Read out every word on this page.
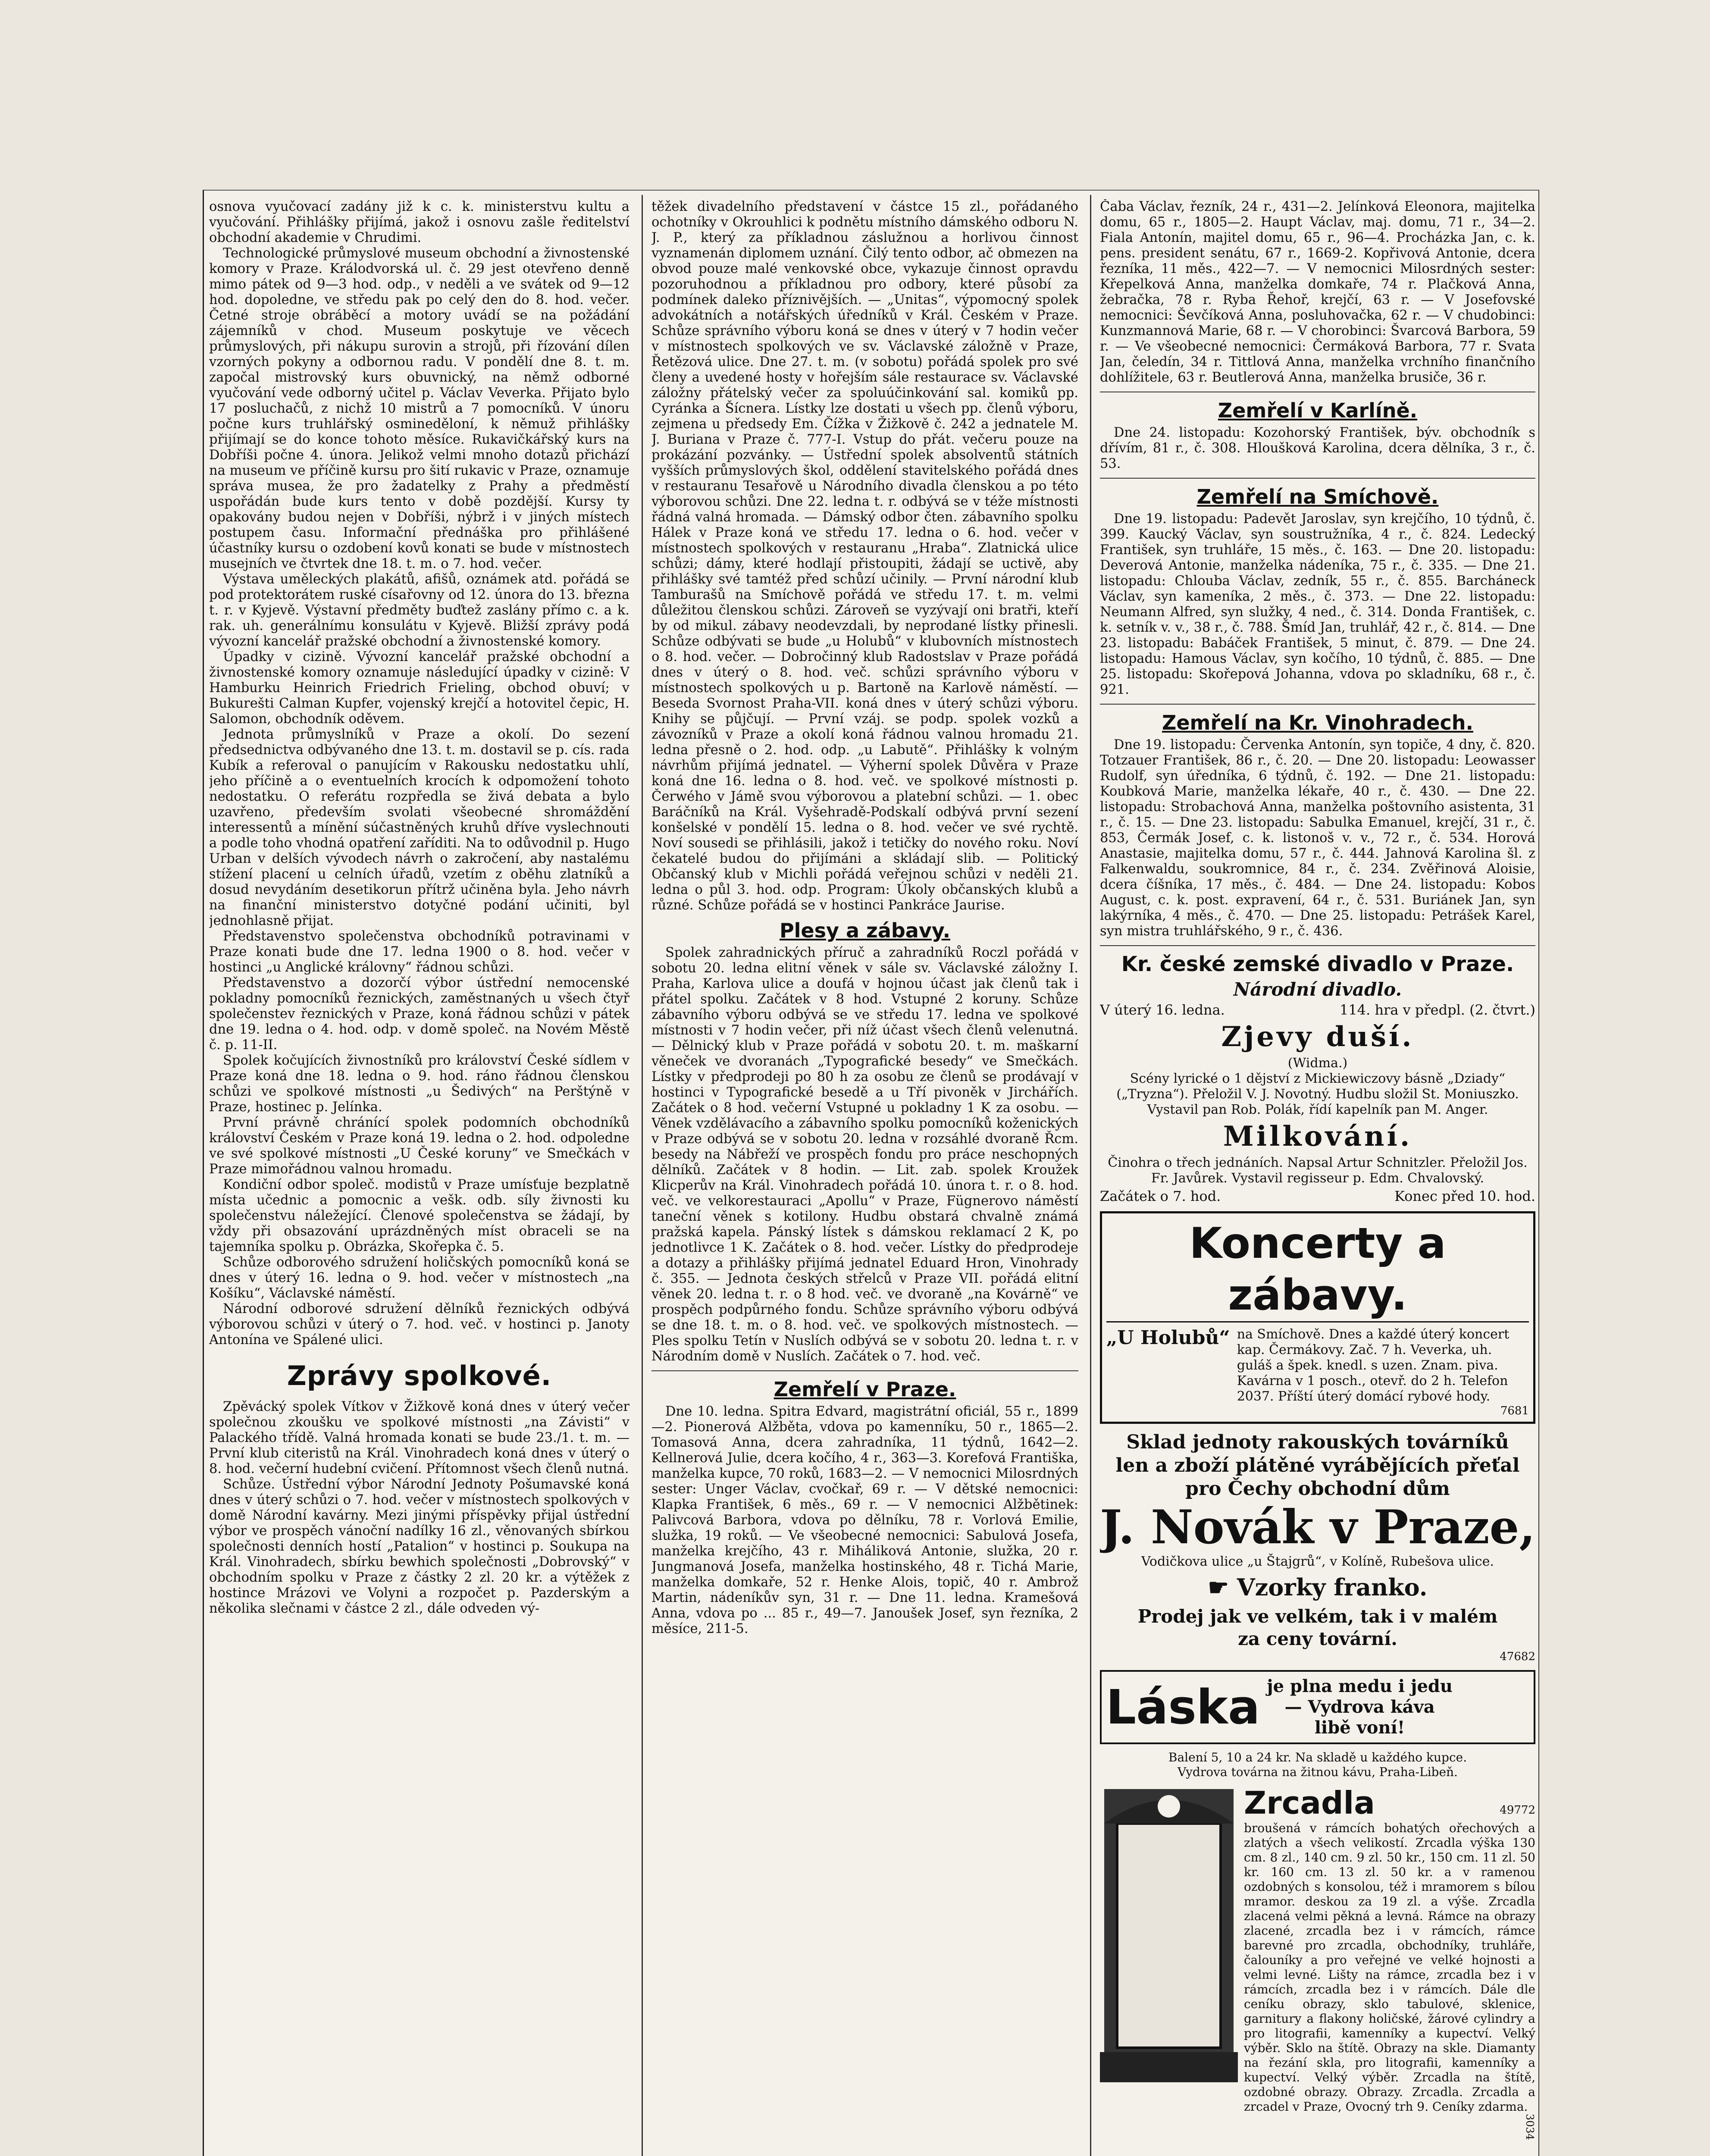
osnova vyučovací zadány již k c. k. ministerstvu kultu a vyučování. Přihlášky přijímá, jakož i osnovu zašle ředitelství obchodní akademie v Chrudimi.

Technologické průmyslové museum obchodní a živnostenské komory v Praze. Králodvorská ul. č. 29 jest otevřeno denně mimo pátek od 9—3 hod. odp., v neděli a ve svátek od 9—12 hod. dopoledne, ve středu pak po celý den do 8. hod. večer. Četné stroje obráběcí a motory uvádí se na požádání zájemníků v chod. Museum poskytuje ve věcech průmyslových, při nákupu surovin a strojů, při řízování dílen vzorných pokyny a odbornou radu. V pondělí dne 8. t. m. započal mistrovský kurs obuvnický, na němž odborné vyučování vede odborný učitel p. Václav Veverka. Přijato bylo 17 posluchačů, z nichž 10 mistrů a 7 pomocníků. V únoru počne kurs truhlářský osmineděloní, k němuž přihlášky přijímají se do konce tohoto měsíce. Rukavičkářský kurs na Dobříši počne 4. února. Jelikož velmi mnoho dotazů přichází na museum ve příčině kursu pro šití rukavic v Praze, oznamuje správa musea, že pro žadatelky z Prahy a předměstí uspořádán bude kurs tento v době pozdější. Kursy ty opakovány budou nejen v Dobříši, nýbrž i v jiných místech postupem času. Informační přednáška pro přihlášené účastníky kursu o ozdobení kovů konati se bude v místnostech musejních ve čtvrtek dne 18. t. m. o 7. hod. večer.

Výstava uměleckých plakátů, afišů, oznámek atd. pořádá se pod protektorátem ruské císařovny od 12. února do 13. března t. r. v Kyjevě. Výstavní předměty buďtež zaslány přímo c. a k. rak. uh. generálnímu konsulátu v Kyjevě. Bližší zprávy podá vývozní kancelář pražské obchodní a živnostenské komory.

Úpadky v cizině. Vývozní kancelář pražské obchodní a živnostenské komory oznamuje následující úpadky v cizině: V Hamburku Heinrich Friedrich Frieling, obchod obuví; v Bukurešti Calman Kupfer, vojenský krejčí a hotovitel čepic, H. Salomon, obchodník oděvem.

Jednota průmyslníků v Praze a okolí. Do sezení předsednictva odbývaného dne 13. t. m. dostavil se p. cís. rada Kubík a referoval o panujícím v Rakousku nedostatku uhlí, jeho příčině a o eventuelních krocích k odpomožení tohoto nedostatku. O referátu rozpředla se živá debata a bylo uzavřeno, především svolati všeobecné shromáždění interessentů a mínění súčastněných kruhů dříve vyslechnouti a podle toho vhodná opatření zaříditi. Na to odůvodnil p. Hugo Urban v delších vývodech návrh o zakročení, aby nastalému stížení placení u celních úřadů, vzetím z oběhu zlatníků a dosud nevydáním desetikorun přítrž učiněna byla. Jeho návrh na finanční ministerstvo dotyčné podání učiniti, byl jednohlasně přijat.

Představenstvo společenstva obchodníků potravinami v Praze konati bude dne 17. ledna 1900 o 8. hod. večer v hostinci „u Anglické královny“ řádnou schůzi.

Představenstvo a dozorčí výbor ústřední nemocenské pokladny pomocníků řeznických, zaměstnaných u všech čtyř společenstev řeznických v Praze, koná řádnou schůzi v pátek dne 19. ledna o 4. hod. odp. v domě společ. na Novém Městě č. p. 11-II.

Spolek kočujících živnostníků pro království České sídlem v Praze koná dne 18. ledna o 9. hod. ráno řádnou členskou schůzi ve spolkové místnosti „u Šedivých“ na Perštýně v Praze, hostinec p. Jelínka.

První právně chránící spolek podomních obchodníků království Českém v Praze koná 19. ledna o 2. hod. odpoledne ve své spolkové místnosti „U České koruny“ ve Smečkách v Praze mimořádnou valnou hromadu.

Kondiční odbor společ. modistů v Praze umísťuje bezplatně místa učednic a pomocnic a vešk. odb. síly živnosti ku společenstvu náležející. Členové společenstva se žádají, by vždy při obsazování uprázdněných míst obraceli se na tajemníka spolku p. Obrázka, Skořepka č. 5.

Schůze odborového sdružení holičských pomocníků koná se dnes v úterý 16. ledna o 9. hod. večer v místnostech „na Košíku“, Václavské náměstí.

Národní odborové sdružení dělníků řeznických odbývá výborovou schůzi v úterý o 7. hod. več. v hostinci p. Janoty Antonína ve Spálené ulici.

Zprávy spolkové.

Zpěvácký spolek Vítkov v Žižkově koná dnes v úterý večer společnou zkoušku ve spolkové místnosti „na Závisti“ v Palackého třídě. Valná hromada konati se bude 23./1. t. m. — První klub citeristů na Král. Vinohradech koná dnes v úterý o 8. hod. večerní hudební cvičení. Přítomnost všech členů nutná.

Schůze. Ústřední výbor Národní Jednoty Pošumavské koná dnes v úterý schůzi o 7. hod. večer v místnostech spolkových v domě Národní kavárny. Mezi jinými příspěvky přijal ústřední výbor ve prospěch vánoční nadílky 16 zl., věnovaných sbírkou společnosti denních hostí „Patalion“ v hostinci p. Soukupa na Král. Vinohradech, sbírku bewhich společnosti „Dobrovský“ v obchodním spolku v Praze z částky 2 zl. 20 kr. a výtěžek z hostince Mrázovi ve Volyni a rozpočet p. Pazderským a několika slečnami v částce 2 zl., dále odveden vý-

těžek divadelního představení v částce 15 zl., pořádaného ochotníky v Okrouhlici k podnětu místního dámského odboru N. J. P., který za příkladnou záslužnou a horlivou činnost vyznamenán diplomem uznání. Čilý tento odbor, ač obmezen na obvod pouze malé venkovské obce, vykazuje činnost opravdu pozoruhodnou a příkladnou pro odbory, které působí za podmínek daleko příznivějších. — „Unitas“, výpomocný spolek advokátních a notářských úředníků v Král. Českém v Praze. Schůze správního výboru koná se dnes v úterý v 7 hodin večer v místnostech spolkových ve sv. Václavské záložně v Praze, Řetězová ulice. Dne 27. t. m. (v sobotu) pořádá spolek pro své členy a uvedené hosty v hořejším sále restaurace sv. Václavské záložny přátelský večer za spoluúčinkování sal. komiků pp. Cyránka a Šícnera. Lístky lze dostati u všech pp. členů výboru, zejmena u předsedy Em. Čížka v Žižkově č. 242 a jednatele M. J. Buriana v Praze č. 777-I. Vstup do přát. večeru pouze na prokázání pozvánky. — Ústřední spolek absolventů státních vyšších průmyslových škol, oddělení stavitelského pořádá dnes v restauranu Tesařově u Národního divadla členskou a po této výborovou schůzi. Dne 22. ledna t. r. odbývá se v téže místnosti řádná valná hromada. — Dámský odbor čten. zábavního spolku Hálek v Praze koná ve středu 17. ledna o 6. hod. večer v místnostech spolkových v restauranu „Hraba“. Zlatnická ulice schůzi; dámy, které hodlají přistoupiti, žádají se uctivě, aby přihlášky své tamtéž před schůzí učinily. — První národní klub Tamburašů na Smíchově pořádá ve středu 17. t. m. velmi důležitou členskou schůzi. Zároveň se vyzývají oni bratři, kteří by od mikul. zábavy neodevzdali, by neprodané lístky přinesli. Schůze odbývati se bude „u Holubů“ v klubovních místnostech o 8. hod. večer. — Dobročinný klub Radostslav v Praze pořádá dnes v úterý o 8. hod. več. schůzi správního výboru v místnostech spolkových u p. Bartoně na Karlově náměstí. — Beseda Svornost Praha-VII. koná dnes v úterý schůzi výboru. Knihy se půjčují. — První vzáj. se podp. spolek vozků a závozníků v Praze a okolí koná řádnou valnou hromadu 21. ledna přesně o 2. hod. odp. „u Labutě“. Přihlášky k volným návrhům přijímá jednatel. — Výherní spolek Důvěra v Praze koná dne 16. ledna o 8. hod. več. ve spolkové místnosti p. Čerwého v Jámě svou výborovou a platební schůzi. — 1. obec Baráčníků na Král. Vyšehradě-Podskalí odbývá první sezení konšelské v pondělí 15. ledna o 8. hod. večer ve své rychtě. Noví sousedi se přihlásili, jakož i tetičky do nového roku. Noví čekatelé budou do přijímáni a skládají slib. — Politický Občanský klub v Michli pořádá veřejnou schůzi v neděli 21. ledna o půl 3. hod. odp. Program: Úkoly občanských klubů a různé. Schůze pořádá se v hostinci Pankráce Jaurise.

Plesy a zábavy.

Spolek zahradnických příruč a zahradníků Roczl pořádá v sobotu 20. ledna elitní věnek v sále sv. Václavské záložny I. Praha, Karlova ulice a doufá v hojnou účast jak členů tak i přátel spolku. Začátek v 8 hod. Vstupné 2 koruny. Schůze zábavního výboru odbývá se ve středu 17. ledna ve spolkové místnosti v 7 hodin večer, při níž účast všech členů velenutná. — Dělnický klub v Praze pořádá v sobotu 20. t. m. maškarní věneček ve dvoranách „Typografické besedy“ ve Smečkách. Lístky v předprodeji po 80 h za osobu ze členů se prodávají v hostinci v Typografické besedě a u Tří pivoněk v Jirchářích. Začátek o 8 hod. večerní Vstupné u pokladny 1 K za osobu. — Věnek vzdělávacího a zábavního spolku pomocníků koženických v Praze odbývá se v sobotu 20. ledna v rozsáhlé dvoraně Řcm. besedy na Nábřeží ve prospěch fondu pro práce neschopných dělníků. Začátek v 8 hodin. — Lit. zab. spolek Kroužek Klicperův na Král. Vinohradech pořádá 10. února t. r. o 8. hod. več. ve velkorestauraci „Apollu“ v Praze, Fügnerovo náměstí taneční věnek s kotilony. Hudbu obstará chvalně známá pražská kapela. Pánský lístek s dámskou reklamací 2 K, po jednotlivce 1 K. Začátek o 8. hod. večer. Lístky do předprodeje a dotazy a přihlášky přijímá jednatel Eduard Hron, Vinohrady č. 355. — Jednota českých střelců v Praze VII. pořádá elitní věnek 20. ledna t. r. o 8 hod. več. ve dvoraně „na Kovárně“ ve prospěch podpůrného fondu. Schůze správního výboru odbývá se dne 18. t. m. o 8. hod. več. ve spolkových místnostech. — Ples spolku Tetín v Nuslích odbývá se v sobotu 20. ledna t. r. v Národním domě v Nuslích. Začátek o 7. hod. več.

Zemřelí v Praze.

Dne 10. ledna. Spitra Edvard, magistrátní oficiál, 55 r., 1899—2. Pionerová Alžběta, vdova po kamenníku, 50 r., 1865—2. Tomasová Anna, dcera zahradníka, 11 týdnů, 1642—2. Kellnerová Julie, dcera kočího, 4 r., 363—3. Korefová Františka, manželka kupce, 70 roků, 1683—2. — V nemocnici Milosrdných sester: Unger Václav, cvočkař, 69 r. — V dětské nemocnici: Klapka František, 6 měs., 69 r. — V nemocnici Alžbětinek: Palivcová Barbora, vdova po dělníku, 78 r. Vorlová Emilie, služka, 19 roků. — Ve všeobecné nemocnici: Sabulová Josefa, manželka krejčího, 43 r. Miháliková Antonie, služka, 20 r. Jungmanová Josefa, manželka hostinského, 48 r. Tichá Marie, manželka domkaře, 52 r. Henke Alois, topič, 40 r. Ambrož Martin, nádeníkův syn, 31 r. — Dne 11. ledna. Kramešová Anna, vdova po ... 85 r., 49—7. Janoušek Josef, syn řezníka, 2 měsíce, 211-5.

Čaba Václav, řezník, 24 r., 431—2. Jelínková Eleonora, majitelka domu, 65 r., 1805—2. Haupt Václav, maj. domu, 71 r., 34—2. Fiala Antonín, majitel domu, 65 r., 96—4. Procházka Jan, c. k. pens. president senátu, 67 r., 1669-2. Kopřivová Antonie, dcera řezníka, 11 měs., 422—7. — V nemocnici Milosrdných sester: Křepelková Anna, manželka domkaře, 74 r. Plačková Anna, žebračka, 78 r. Ryba Řehoř, krejčí, 63 r. — V Josefovské nemocnici: Ševčíková Anna, posluhovačka, 62 r. — V chudobinci: Kunzmannová Marie, 68 r. — V chorobinci: Švarcová Barbora, 59 r. — Ve všeobecné nemocnici: Čermáková Barbora, 77 r. Svata Jan, čeledín, 34 r. Tittlová Anna, manželka vrchního finančního dohlížitele, 63 r. Beutlerová Anna, manželka brusiče, 36 r.

Zemřelí v Karlíně.

Dne 24. listopadu: Kozohorský František, býv. obchodník s dřívím, 81 r., č. 308. Hloušková Karolina, dcera dělníka, 3 r., č. 53.

Zemřelí na Smíchově.

Dne 19. listopadu: Padevět Jaroslav, syn krejčího, 10 týdnů, č. 399. Kaucký Václav, syn soustružníka, 4 r., č. 824. Ledecký František, syn truhláře, 15 měs., č. 163. — Dne 20. listopadu: Deverová Antonie, manželka nádeníka, 75 r., č. 335. — Dne 21. listopadu: Chlouba Václav, zedník, 55 r., č. 855. Barcháneck Václav, syn kameníka, 2 měs., č. 373. — Dne 22. listopadu: Neumann Alfred, syn služky, 4 ned., č. 314. Donda František, c. k. setník v. v., 38 r., č. 788. Šmíd Jan, truhlář, 42 r., č. 814. — Dne 23. listopadu: Babáček František, 5 minut, č. 879. — Dne 24. listopadu: Hamous Václav, syn kočího, 10 týdnů, č. 885. — Dne 25. listopadu: Skořepová Johanna, vdova po skladníku, 68 r., č. 921.

Zemřelí na Kr. Vinohradech.

Dne 19. listopadu: Červenka Antonín, syn topiče, 4 dny, č. 820. Totzauer František, 86 r., č. 20. — Dne 20. listopadu: Leowasser Rudolf, syn úředníka, 6 týdnů, č. 192. — Dne 21. listopadu: Koubková Marie, manželka lékaře, 40 r., č. 430. — Dne 22. listopadu: Strobachová Anna, manželka poštovního asistenta, 31 r., č. 15. — Dne 23. listopadu: Sabulka Emanuel, krejčí, 31 r., č. 853, Čermák Josef, c. k. listonoš v. v., 72 r., č. 534. Horová Anastasie, majitelka domu, 57 r., č. 444. Jahnová Karolina šl. z Falkenwaldu, soukromnice, 84 r., č. 234. Zvěřinová Aloisie, dcera číšníka, 17 měs., č. 484. — Dne 24. listopadu: Kobos August, c. k. post. expravení, 64 r., č. 531. Buriánek Jan, syn lakýrníka, 4 měs., č. 470. — Dne 25. listopadu: Petrášek Karel, syn mistra truhlářského, 9 r., č. 436.

Kr. české zemské divadlo v Praze.
Národní divadlo.
V úterý 16. ledna.	114. hra v předpl. (2. čtvrt.)
Zjevy duší.
(Widma.)
Scény lyrické o 1 dějství z Mickiewiczovy básně „Dziady“ („Tryzna“). Přeložil V. J. Novotný. Hudbu složil St. Moniuszko. Vystavil pan Rob. Polák, řídí kapelník pan M. Anger.
Milkování.
Činohra o třech jednáních. Napsal Artur Schnitzler. Přeložil Jos. Fr. Javůrek. Vystavil regisseur p. Edm. Chvalovský.
Začátek o 7. hod.	Konec před 10. hod.
Koncerty a zábavy.
„U Holubů“ na Smíchově. Dnes a každé úterý koncert kap. Čermákovy. Zač. 7 h. Veverka, uh. guláš a špek. knedl. s uzen. Znam. piva. Kavárna v 1 posch., otevř. do 2 h. Telefon 2037. Příští úterý domácí rybové hody.
7681
Sklad jednoty rakouských továrníků
len a zboží plátěné vyrábějících přeťal pro Čechy obchodní dům
J. Novák v Praze,
Vodičkova ulice „u Štajgrů“, v Kolíně, Rubešova ulice.
☛ Vzorky franko.
Prodej jak ve velkém, tak i v malém
za ceny tovární.
47682
Láska je plna medu i jedu
— Vydrova káva
libě voní!
Balení 5, 10 a 24 kr. Na skladě u každého kupce.
Vydrova továrna na žitnou kávu, Praha-Libeň.
Zrcadla	49772

broušená v rámcích bohatých ořechových a zlatých a všech velikostí. Zrcadla výška 130 cm. 8 zl., 140 cm. 9 zl. 50 kr., 150 cm. 11 zl. 50 kr. 160 cm. 13 zl. 50 kr. a v ramenou ozdobných s konsolou, též i mramorem s bílou mramor. deskou za 19 zl. a výše. Zrcadla zlacená velmi pěkná a levná. Rámce na obrazy zlacené, zrcadla bez i v rámcích, rámce barevné pro zrcadla, obchodníky, truhláře, čalouníky a pro veřejné ve velké hojnosti a velmi levné. Lišty na rámce, zrcadla bez i v rámcích, zrcadla bez i v rámcích. Dále dle ceníku obrazy, sklo tabulové, sklenice, garnitury a flakony holičské, žárové cylindry a pro litografii, kamenníky a kupectví. Velký výběr. Sklo na štítě. Obrazy na skle. Diamanty na řezání skla, pro litografii, kamenníky a kupectví. Velký výběr. Zrcadla na štítě, ozdobné obrazy. Obrazy. Zrcadla. Zrcadla a zrcadel v Praze, Ovocný trh 9. Ceníky zdarma.

3034
